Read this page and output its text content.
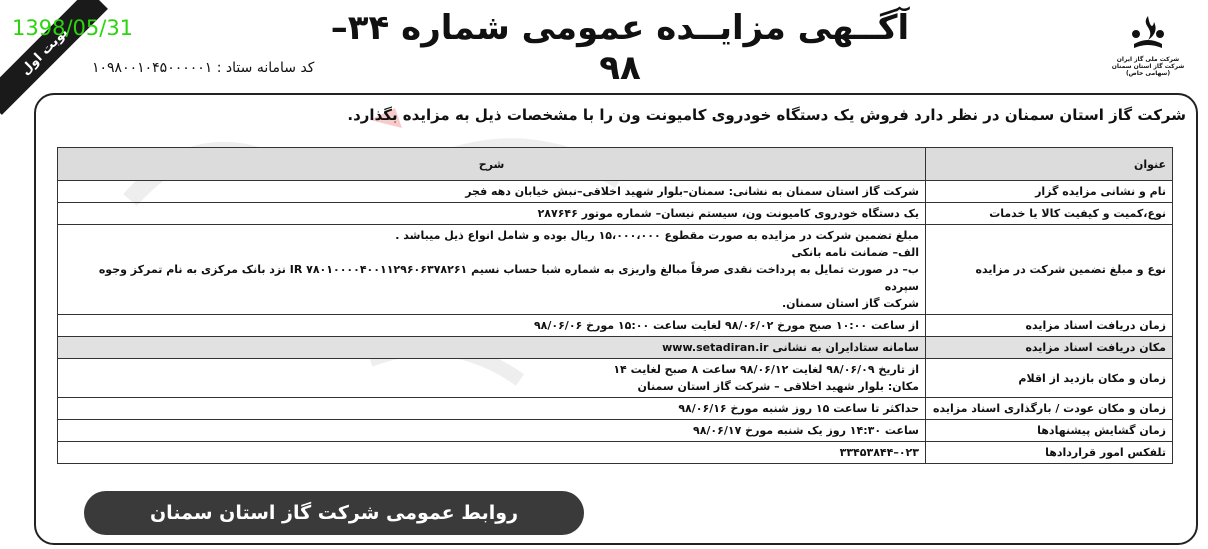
نوبت اول
1398/05/31	آگــهی مزایــده عمومی شماره ۳۴–۹۸
کد سامانه ستاد : ۱۰۹۸۰۰۱۰۴۵۰۰۰۰۰۱
شرکت ملی گاز ایران
شرکت گاز استان سمنان
(سهامی خاص)
شرکت گاز استان سمنان در نظر دارد فروش یک دستگاه خودروی کامیونت ون را با مشخصات ذیل به مزایده بگذارد.
عنوان	شرح
نام و نشانی مزایده گزار	شرکت گاز استان سمنان به نشانی: سمنان–بلوار شهید اخلاقی–نبش خیابان دهه فجر

نوع،کمیت و کیفیت کالا یا خدمات	یک دستگاه خودروی کامیونت ون، سیستم نیسان– شماره موتور ۲۸۷۶۴۶

نوع و مبلغ تضمین شرکت در مزایده	مبلغ تضمین شرکت در مزایده به صورت مقطوع ۱۵،۰۰۰،۰۰۰ ریال بوده و شامل انواع ذیل میباشد .
الف– ضمانت نامه بانکی
ب– در صورت تمایل به پرداخت نقدی صرفاً مبالغ واریزی به شماره شبا حساب نسیم IR ۷۸۰۱۰۰۰۰۴۰۰۱۱۲۹۶۰۶۳۷۸۲۶۱ نزد بانک مرکزی به نام تمرکز وجوه سپرده
شرکت گاز استان سمنان.

زمان دریافت اسناد مزایده	از ساعت ۱۰:۰۰ صبح مورخ ۹۸/۰۶/۰۲ لغایت ساعت ۱۵:۰۰ مورخ ۹۸/۰۶/۰۶

مکان دریافت اسناد مزایده	سامانه ستادایران به نشانی www.setadiran.ir

زمان و مکان بازدید از اقلام	از تاریخ ۹۸/۰۶/۰۹ لغایت ۹۸/۰۶/۱۲ ساعت ۸ صبح لغایت ۱۴
مکان: بلوار شهید اخلاقی – شرکت گاز استان سمنان

زمان و مکان عودت / بارگذاری اسناد مزایده	حداکثر تا ساعت ۱۵ روز شنبه مورخ ۹۸/۰۶/۱۶

زمان گشایش پیشنهادها	ساعت ۱۴:۳۰ روز یک شنبه مورخ ۹۸/۰۶/۱۷

تلفکس امور قراردادها	۰۲۳–۳۳۴۵۳۸۴۴
روابط عمومی شرکت گاز استان سمنان
